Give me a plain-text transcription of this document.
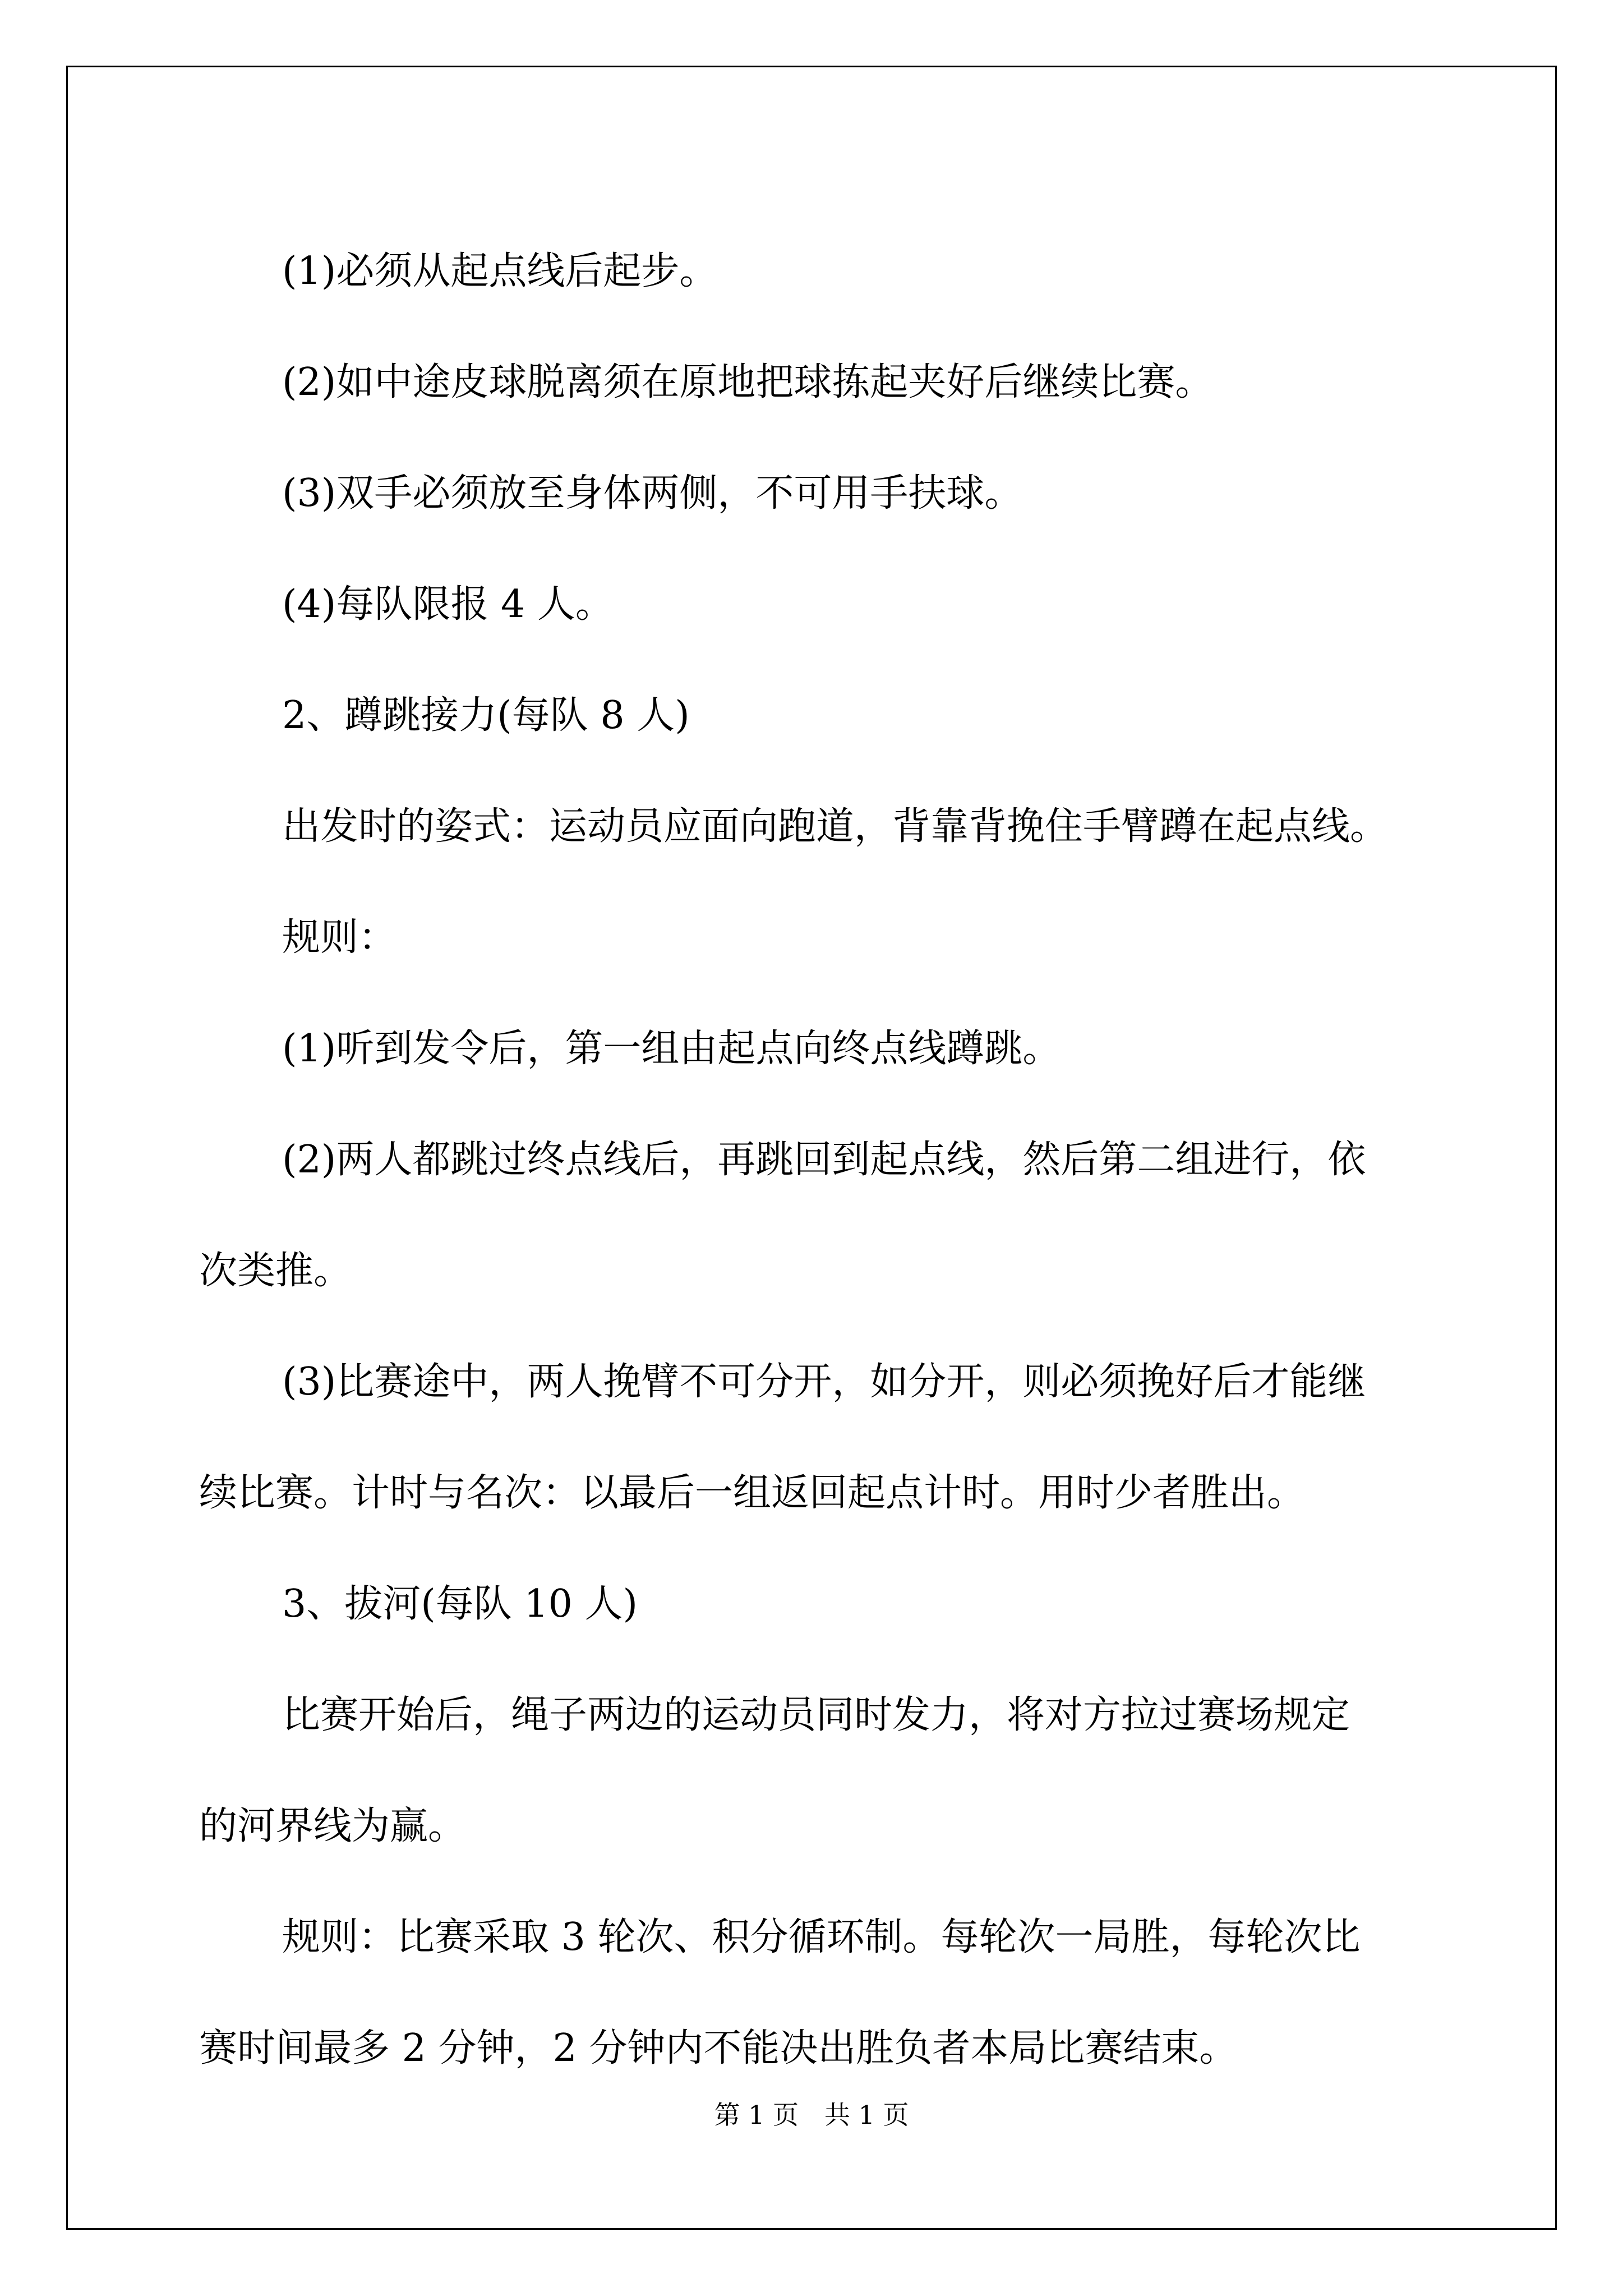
(1)必须从起点线后起步。

(2)如中途皮球脱离须在原地把球拣起夹好后继续比赛。

(3)双手必须放至身体两侧，不可用手扶球。

(4)每队限报 4 人。

2、蹲跳接力(每队 8 人)

出发时的姿式：运动员应面向跑道，背靠背挽住手臂蹲在起点线。

规则：

(1)听到发令后，第一组由起点向终点线蹲跳。

(2)两人都跳过终点线后，再跳回到起点线，然后第二组进行，依

次类推。

(3)比赛途中，两人挽臂不可分开，如分开，则必须挽好后才能继

续比赛。计时与名次：以最后一组返回起点计时。用时少者胜出。

3、拔河(每队 10 人)

比赛开始后，绳子两边的运动员同时发力，将对方拉过赛场规定

的河界线为赢。

规则：比赛采取 3 轮次、积分循环制。每轮次一局胜，每轮次比

赛时间最多 2 分钟，2 分钟内不能决出胜负者本局比赛结束。

第 1 页 共 1 页
